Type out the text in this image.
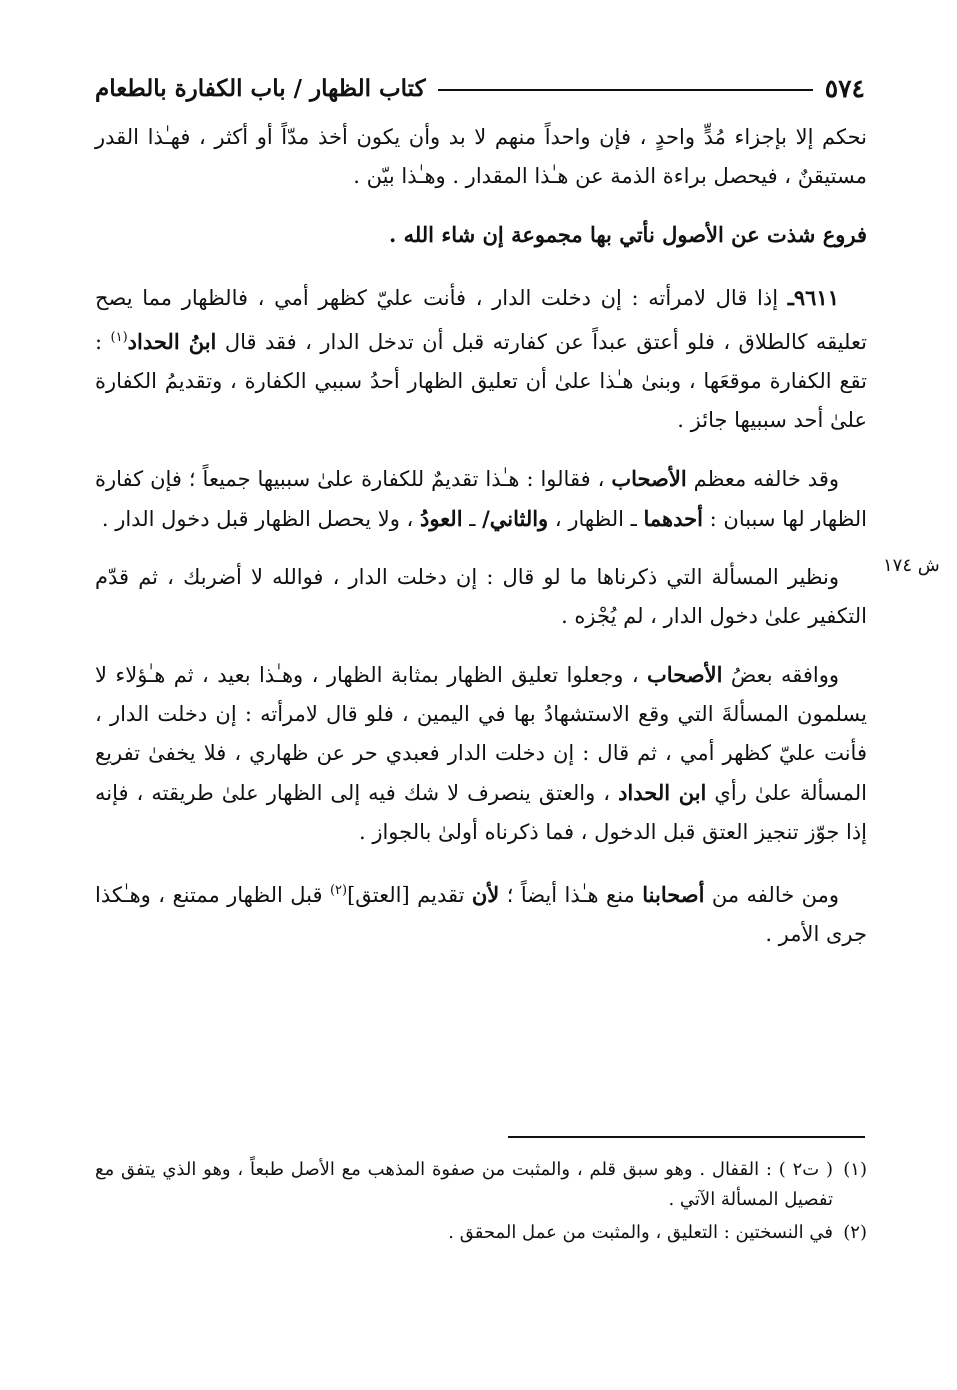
٥٧٤
كتاب الظهار / باب الكفارة بالطعام
ش ١٧٤

نحكم إلا بإجزاء مُدٍّ واحدٍ ، فإن واحداً منهم لا بد وأن يكون أخذ مدّاً أو أكثر ، فهـٰذا القدر مستيقنٌ ، فيحصل براءة الذمة عن هـٰذا المقدار . وهـٰذا بيّن .

فروع شذت عن الأصول نأتي بها مجموعة إن شاء الله .

٩٦١١ـ إذا قال لامرأته : إن دخلت الدار ، فأنت عليّ كظهر أمي ، فالظهار مما يصح تعليقه كالطلاق ، فلو أعتق عبداً عن كفارته قبل أن تدخل الدار ، فقد قال ابنُ الحداد$^{(١)}$ : تقع الكفارة موقعَها ، وبنىٰ هـٰذا علىٰ أن تعليق الظهار أحدُ سببي الكفارة ، وتقديمُ الكفارة علىٰ أحد سببيها جائز .

وقد خالفه معظم الأصحاب ، فقالوا : هـٰذا تقديمٌ للكفارة علىٰ سببيها جميعاً ؛ فإن كفارة الظهار لها سببان : أحدهما ـ الظهار ، والثاني/ ـ العودُ ، ولا يحصل الظهار قبل دخول الدار .

ونظير المسألة التي ذكرناها ما لو قال : إن دخلت الدار ، فوالله لا أضربك ، ثم قدّم التكفير علىٰ دخول الدار ، لم يُجْزه .

ووافقه بعضُ الأصحاب ، وجعلوا تعليق الظهار بمثابة الظهار ، وهـٰذا بعيد ، ثم هـٰؤلاء لا يسلمون المسألةَ التي وقع الاستشهادُ بها في اليمين ، فلو قال لامرأته : إن دخلت الدار ، فأنت عليّ كظهر أمي ، ثم قال : إن دخلت الدار فعبدي حر عن ظهاري ، فلا يخفىٰ تفريع المسألة علىٰ رأي ابن الحداد ، والعتق ينصرف لا شك فيه إلى الظهار علىٰ طريقته ، فإنه إذا جوّز تنجيز العتق قبل الدخول ، فما ذكرناه أولىٰ بالجواز .

ومن خالفه من أصحابنا منع هـٰذا أيضاً ؛ لأن تقديم [العتق]$^{(٢)}$ قبل الظهار ممتنع ، وهـٰكذا جرى الأمر .

(١)
( ت٢ ) : القفال . وهو سبق قلم ، والمثبت من صفوة المذهب مع الأصل طبعاً ، وهو الذي يتفق مع تفصيل المسألة الآتي .
(٢)
في النسختين : التعليق ، والمثبت من عمل المحقق .
